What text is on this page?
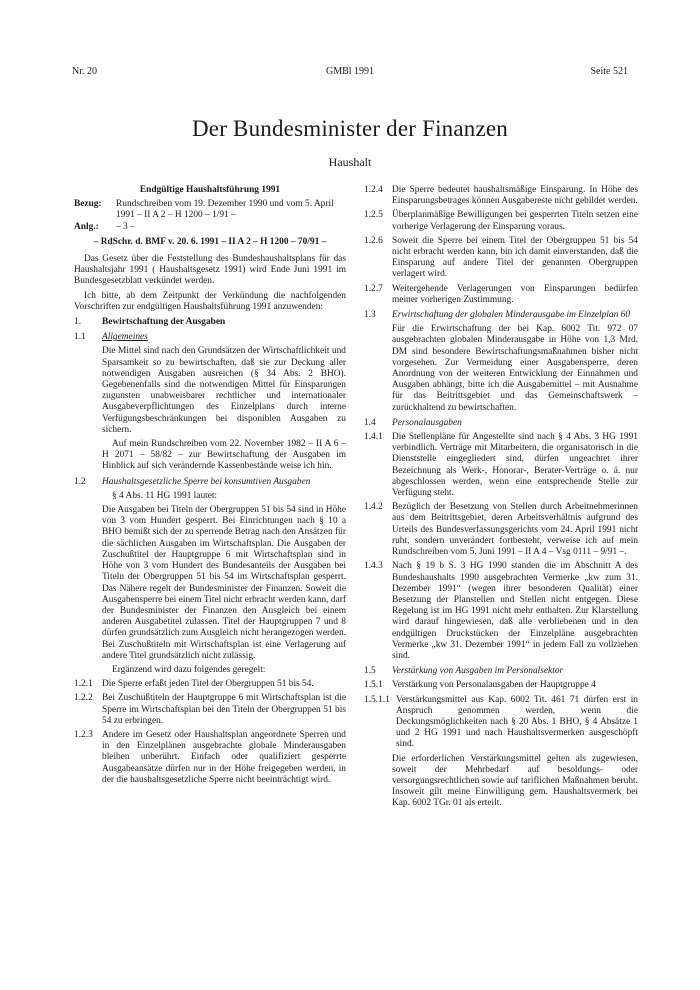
Nr. 20	GMBl 1991	Seite 521
Der Bundesminister der Finanzen
Haushalt
Endgültige Haushaltsführung 1991
Bezug:	Rundschreiben vom 19. Dezember 1990 und vom 5. April 1991 – II A 2 – H 1200 – 1/91 –
Anlg.:	– 3 –
– RdSchr. d. BMF v. 20. 6. 1991 – II A 2 – H 1200 – 70/91 –

Das Gesetz über die Feststellung des Bundeshaushaltsplans für das Haushaltsjahr 1991 ( Haushaltsgesetz 1991) wird Ende Juni 1991 im Bundesgesetzblatt verkündet werden.

Ich bitte, ab dem Zeitpunkt der Verkündung die nachfolgenden Vorschriften zur endgültigen Haushaltsführung 1991 anzuwenden:

1.	Bewirtschaftung der Ausgaben
1.1	Allgemeines

Die Mittel sind nach den Grundsätzen der Wirtschaftlichkeit und Sparsamkeit so zu bewirtschaften, daß sie zur Deckung aller notwendigen Ausgaben ausreichen (§ 34 Abs. 2 BHO). Gegebenenfalls sind die notwendigen Mittel für Einsparungen zugunsten unabweisbarer rechtlicher und internationaler Ausgabeverpflichtungen des Einzelplans durch interne Verfügungsbeschränkungen bei disponiblen Ausgaben zu sichern.

Auf mein Rundschreiben vom 22. November 1982 – II A 6 – H 2071 – 58/82 – zur Bewirtschaftung der Ausgaben im Hinblick auf sich verändernde Kassenbestände weise ich hin.

1.2	Haushaltsgesetzliche Sperre bei konsumtiven Ausgaben

§ 4 Abs. 11 HG 1991 lautet:

Die Ausgaben bei Titeln der Obergruppen 51 bis 54 sind in Höhe von 3 vom Hundert gesperrt. Bei Einrichtungen nach § 10 a BHO bemißt sich der zu sperrende Betrag nach den Ansätzen für die sächlichen Ausgaben im Wirtschaftsplan. Die Ausgaben der Zuschußtitel der Hauptgruppe 6 mit Wirtschaftsplan sind in Höhe von 3 vom Hundert des Bundesanteils der Ausgaben bei Titeln der Obergruppen 51 bis 54 im Wirtschaftsplan gesperrt. Das Nähere regelt der Bundesminister der Finanzen. Soweit die Ausgabensperre bei einem Titel nicht erbracht werden kann, darf der Bundesminister der Finanzen den Ausgleich bei einem anderen Ausgabetitel zulassen. Titel der Hauptgruppen 7 und 8 dürfen grundsätzlich zum Ausgleich nicht herangezogen werden. Bei Zuschußtiteln mit Wirtschaftsplan ist eine Verlagerung auf andere Titel grundsätzlich nicht zulässig.

Ergänzend wird dazu folgendes geregelt:

1.2.1 Die Sperre erfaßt jeden Titel der Obergruppen 51 bis 54.
1.2.2 Bei Zuschußtiteln der Hauptgruppe 6 mit Wirtschaftsplan ist die Sperre im Wirtschaftsplan bei den Titeln der Obergruppen 51 bis 54 zu erbringen.
1.2.3 Andere im Gesetz oder Haushaltsplan angeordnete Sperren und in den Einzelplänen ausgebrachte globale Minderausgaben bleiben unberührt. Einfach oder qualifiziert gesperrte Ausgabeansätze dürfen nur in der Höhe freigegeben werden, in der die haushaltsgesetzliche Sperre nicht beeinträchtigt wird.
1.2.4 Die Sperre bedeutet haushaltsmäßige Einsparung. In Höhe des Einsparungsbetrages können Ausgabereste nicht gebildet werden.
1.2.5 Überplanmäßige Bewilligungen bei gesperrten Titeln setzen eine vorherige Verlagerung der Einsparung voraus.
1.2.6 Soweit die Sperre bei einem Titel der Obergruppen 51 bis 54 nicht erbracht werden kann, bin ich damit einverstanden, daß die Einsparung auf andere Titel der genannten Obergruppen verlagert wird.
1.2.7 Weitergehende Verlagerungen von Einsparungen bedürfen meiner vorherigen Zustimmung.
1.3	Erwirtschaftung der globalen Minderausgabe im Einzelplan 60

Für die Erwirtschaftung der bei Kap. 6002 Tit. 972 07 ausgebrachten globalen Minderausgabe in Höhe von 1,3 Mrd. DM sind besondere Bewirtschaftungsmaßnahmen bisher nicht vorgesehen. Zur Vermeidung einer Ausgabensperre, deren Anordnung von der weiteren Entwicklung der Einnahmen und Ausgaben abhängt, bitte ich die Ausgabemittel – mit Ausnahme für das Beitrittsgebiet und das Gemeinschaftswerk – zurückhaltend zu bewirtschaften.

1.4	Personalausgaben
1.4.1 Die Stellenpläne für Angestellte sind nach § 4 Abs. 3 HG 1991 verbindlich. Verträge mit Mitarbeitern, die organisatorisch in die Dienststelle eingegliedert sind, dürfen ungeachtet ihrer Bezeichnung als Werk-, Honorar-, Berater-Verträge o. ä. nur abgeschlossen werden, wenn eine entsprechende Stelle zur Verfügung steht.
1.4.2 Bezüglich der Besetzung von Stellen durch Arbeitnehmerinnen aus dem Beitrittsgebiet, deren Arbeitsverhältnis aufgrund des Urteils des Bundesverfassungsgerichts vom 24. April 1991 nicht ruht, sondern unverändert fortbesteht, verweise ich auf mein Rundschreiben vom 5. Juni 1991 – II A 4 – Vsg 0111 – 9/91 –.
1.4.3 Nach § 19 b S. 3 HG 1990 standen die im Abschnitt A des Bundeshaushalts 1990 ausgebrachten Vermerke „kw zum 31. Dezember 1991“ (wegen ihrer besonderen Qualität) einer Besetzung der Planstellen und Stellen nicht entgegen. Diese Regelung ist im HG 1991 nicht mehr enthalten. Zur Klarstellung wird darauf hingewiesen, daß alle verbliebenen und in den endgültigen Druckstücken der Einzelpläne ausgebrachten Vermerke „kw 31. Dezember 1991“ in jedem Fall zu vollziehen sind.
1.5	Verstärkung von Ausgaben im Personalsektor
1.5.1 Verstärkung von Personalausgaben der Hauptgruppe 4
1.5.1.1 Verstärkungsmittel aus Kap. 6002 Tit. 461 71 dürfen erst in Anspruch genommen werden, wenn die Deckungsmöglichkeiten nach § 20 Abs. 1 BHO, § 4 Absätze 1 und 2 HG 1991 und nach Haushaltsvermerken ausgeschöpft sind.

Die erforderlichen Verstärkungsmittel gelten als zugewiesen, soweit der Mehrbedarf auf besoldungs- oder versorgungsrechtlichen sowie auf tariflichen Maßnahmen beruht. Insoweit gilt meine Einwilligung gem. Haushaltsvermerk bei Kap. 6002 TGr. 01 als erteilt.
